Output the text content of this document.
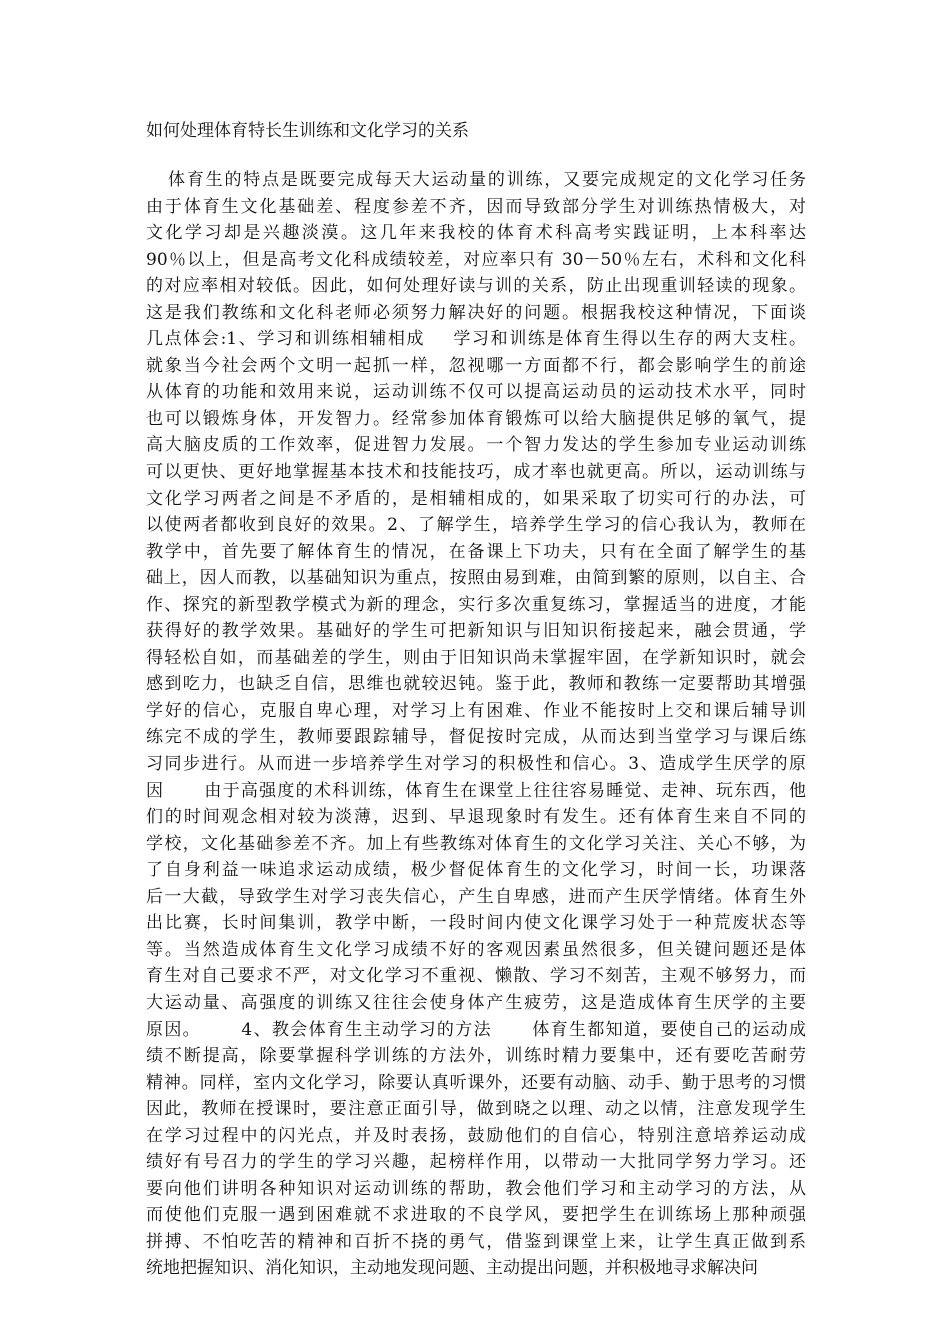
如何处理体育特长生训练和文化学习的关系
体育生的特点是既要完成每天大运动量的训练，又要完成规定的文化学习任务
由于体育生文化基础差、程度参差不齐，因而导致部分学生对训练热情极大，对
文化学习却是兴趣淡漠。这几年来我校的体育术科高考实践证明，上本科率达
90％以上，但是高考文化科成绩较差，对应率只有 30－50％左右，术科和文化科
的对应率相对较低。因此，如何处理好读与训的关系，防止出现重训轻读的现象。
这是我们教练和文化科老师必须努力解决好的问题。根据我校这种情况，下面谈
几点体会:1、学习和训练相辅相成    学习和训练是体育生得以生存的两大支柱。
就象当今社会两个文明一起抓一样，忽视哪一方面都不行，都会影响学生的前途
从体育的功能和效用来说，运动训练不仅可以提高运动员的运动技术水平，同时
也可以锻炼身体，开发智力。经常参加体育锻炼可以给大脑提供足够的氧气，提
高大脑皮质的工作效率，促进智力发展。一个智力发达的学生参加专业运动训练
可以更快、更好地掌握基本技术和技能技巧，成才率也就更高。所以，运动训练与
文化学习两者之间是不矛盾的，是相辅相成的，如果采取了切实可行的办法，可
以使两者都收到良好的效果。2、了解学生，培养学生学习的信心我认为，教师在
教学中，首先要了解体育生的情况，在备课上下功夫，只有在全面了解学生的基
础上，因人而教，以基础知识为重点，按照由易到难，由简到繁的原则，以自主、合
作、探究的新型教学模式为新的理念，实行多次重复练习，掌握适当的进度，才能
获得好的教学效果。基础好的学生可把新知识与旧知识衔接起来，融会贯通，学
得轻松自如，而基础差的学生，则由于旧知识尚未掌握牢固，在学新知识时，就会
感到吃力，也缺乏自信，思维也就较迟钝。鉴于此，教师和教练一定要帮助其增强
学好的信心，克服自卑心理，对学习上有困难、作业不能按时上交和课后辅导训
练完不成的学生，教师要跟踪辅导，督促按时完成，从而达到当堂学习与课后练
习同步进行。从而进一步培养学生对学习的积极性和信心。3、造成学生厌学的原
因      由于高强度的术科训练，体育生在课堂上往往容易睡觉、走神、玩东西，他
们的时间观念相对较为淡薄，迟到、早退现象时有发生。还有体育生来自不同的
学校，文化基础参差不齐。加上有些教练对体育生的文化学习关注、关心不够，为
了自身利益一味追求运动成绩，极少督促体育生的文化学习，时间一长，功课落
后一大截，导致学生对学习丧失信心，产生自卑感，进而产生厌学情绪。体育生外
出比赛，长时间集训，教学中断，一段时间内使文化课学习处于一种荒废状态等
等。当然造成体育生文化学习成绩不好的客观因素虽然很多，但关键问题还是体
育生对自己要求不严，对文化学习不重视、懒散、学习不刻苦，主观不够努力，而
大运动量、高强度的训练又往往会使身体产生疲劳，这是造成体育生厌学的主要
原因。      4、教会体育生主动学习的方法      体育生都知道，要使自己的运动成
绩不断提高，除要掌握科学训练的方法外，训练时精力要集中，还有要吃苦耐劳
精神。同样，室内文化学习，除要认真听课外，还要有动脑、动手、勤于思考的习惯
因此，教师在授课时，要注意正面引导，做到晓之以理、动之以情，注意发现学生
在学习过程中的闪光点，并及时表扬，鼓励他们的自信心，特别注意培养运动成
绩好有号召力的学生的学习兴趣，起榜样作用，以带动一大批同学努力学习。还
要向他们讲明各种知识对运动训练的帮助，教会他们学习和主动学习的方法，从
而使他们克服一遇到困难就不求进取的不良学风，要把学生在训练场上那种顽强
拼搏、不怕吃苦的精神和百折不挠的勇气，借鉴到课堂上来，让学生真正做到系
统地把握知识、消化知识，主动地发现问题、主动提出问题，并积极地寻求解决问
